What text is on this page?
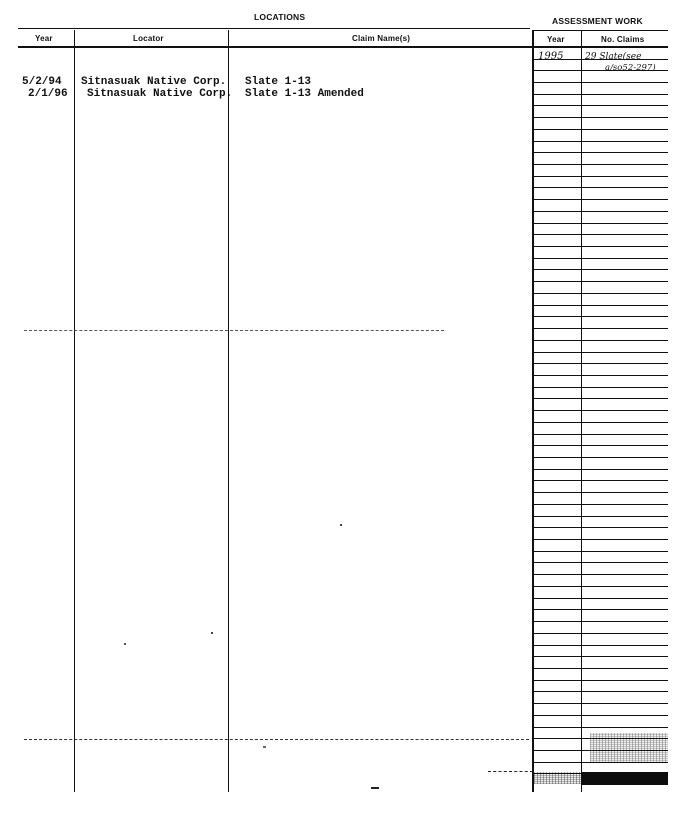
LOCATIONS	ASSESSMENT WORK
Year	Locator	Claim Name(s)	Year	No. Claims
5/2/94 Sitnasuak Native Corp. Slate 1-13
2/1/96 Sitnasuak Native Corp. Slate 1-13 Amended
1995 29 Slate(see
a/so52-297)
